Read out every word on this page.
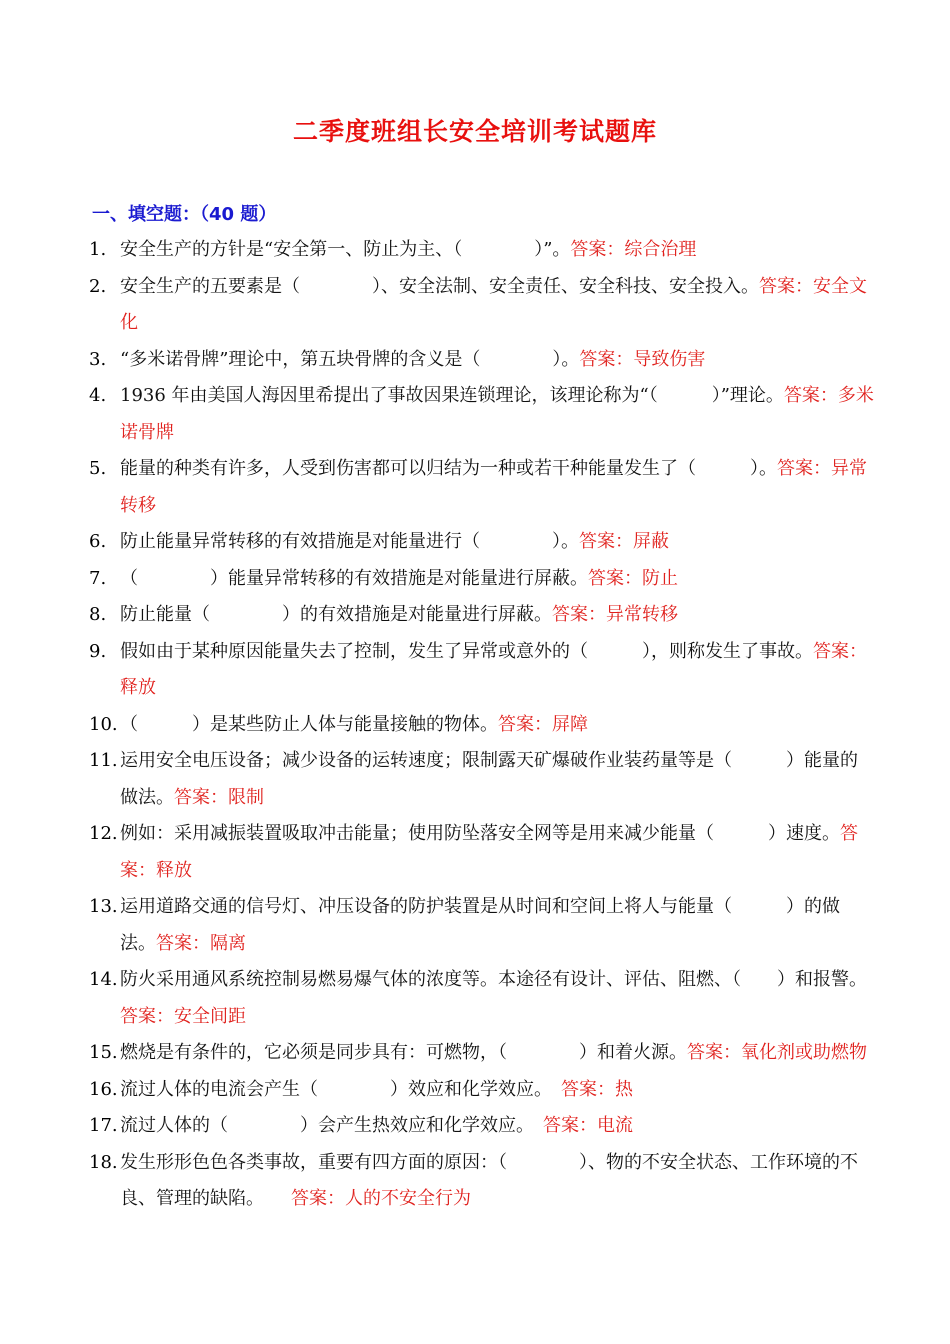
二季度班组长安全培训考试题库
一、填空题：（40 题）
1. 安全生产的方针是“安全第一、防止为主、（　　　　）”。答案：综合治理
2. 安全生产的五要素是（　　　　）、安全法制、安全责任、安全科技、安全投入。答案：安全文化
3. “多米诺骨牌”理论中，第五块骨牌的含义是（　　　　）。答案：导致伤害
4. 1936 年由美国人海因里希提出了事故因果连锁理论，该理论称为“（　　　）”理论。答案：多米诺骨牌
5. 能量的种类有许多，人受到伤害都可以归结为一种或若干种能量发生了（　　　）。答案：异常转移
6. 防止能量异常转移的有效措施是对能量进行（　　　　）。答案：屏蔽
7. （　　　　）能量异常转移的有效措施是对能量进行屏蔽。答案：防止
8. 防止能量（　　　　）的有效措施是对能量进行屏蔽。答案：异常转移
9. 假如由于某种原因能量失去了控制，发生了异常或意外的（　　　），则称发生了事故。答案：释放
10. （　　　）是某些防止人体与能量接触的物体。答案：屏障
11. 运用安全电压设备；减少设备的运转速度；限制露天矿爆破作业装药量等是（　　　）能量的做法。答案：限制
12. 例如：采用减振装置吸取冲击能量；使用防坠落安全网等是用来减少能量（　　　）速度。答案：释放
13. 运用道路交通的信号灯、冲压设备的防护装置是从时间和空间上将人与能量（　　　）的做法。答案：隔离
14. 防火采用通风系统控制易燃易爆气体的浓度等。本途径有设计、评估、阻燃、（　　）和报警。答案：安全间距
15. 燃烧是有条件的，它必须是同步具有：可燃物，（　　　　）和着火源。答案：氧化剂或助燃物
16. 流过人体的电流会产生（　　　　）效应和化学效应。　答案：热
17. 流过人体的（　　　　）会产生热效应和化学效应。　答案：电流
18. 发生形形色色各类事故，重要有四方面的原因：（　　　　）、物的不安全状态、工作环境的不良、管理的缺陷。　　答案：人的不安全行为
